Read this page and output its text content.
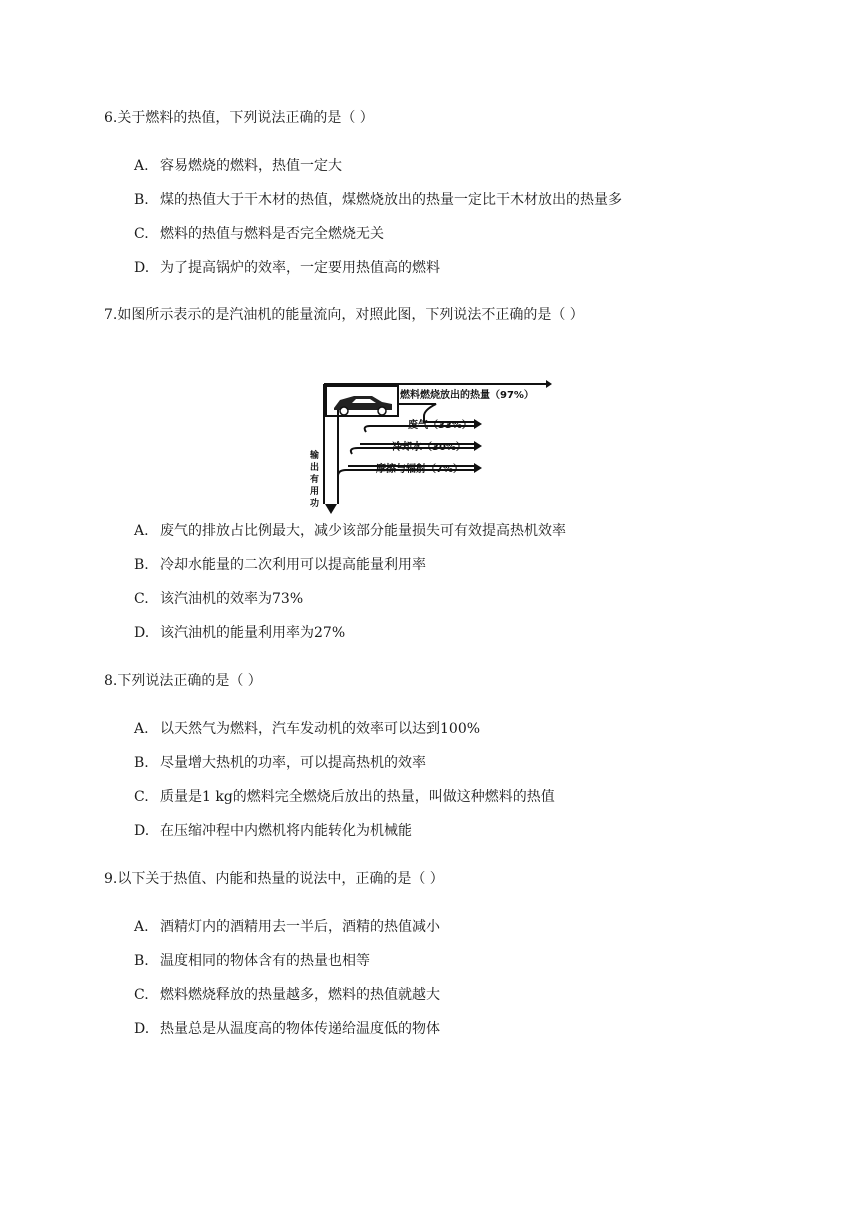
6.关于燃料的热值，下列说法正确的是（ ）
A. 容易燃烧的燃料，热值一定大
B. 煤的热值大于干木材的热值，煤燃烧放出的热量一定比干木材放出的热量多
C. 燃料的热值与燃料是否完全燃烧无关
D. 为了提高锅炉的效率，一定要用热值高的燃料
7.如图所示表示的是汽油机的能量流向，对照此图，下列说法不正确的是（ ）
燃料燃烧放出的热量（97%）
废气（33%）
冷却水（30%）
摩擦与辐射（7%）
输
出
有
用
功
A. 废气的排放占比例最大，减少该部分能量损失可有效提高热机效率
B. 冷却水能量的二次利用可以提高能量利用率
C. 该汽油机的效率为73%
D. 该汽油机的能量利用率为27%
8.下列说法正确的是（ ）
A. 以天然气为燃料，汽车发动机的效率可以达到100%
B. 尽量增大热机的功率，可以提高热机的效率
C. 质量是1 kg的燃料完全燃烧后放出的热量，叫做这种燃料的热值
D. 在压缩冲程中内燃机将内能转化为机械能
9.以下关于热值、内能和热量的说法中，正确的是（ ）
A. 酒精灯内的酒精用去一半后，酒精的热值减小
B. 温度相同的物体含有的热量也相等
C. 燃料燃烧释放的热量越多，燃料的热值就越大
D. 热量总是从温度高的物体传递给温度低的物体
